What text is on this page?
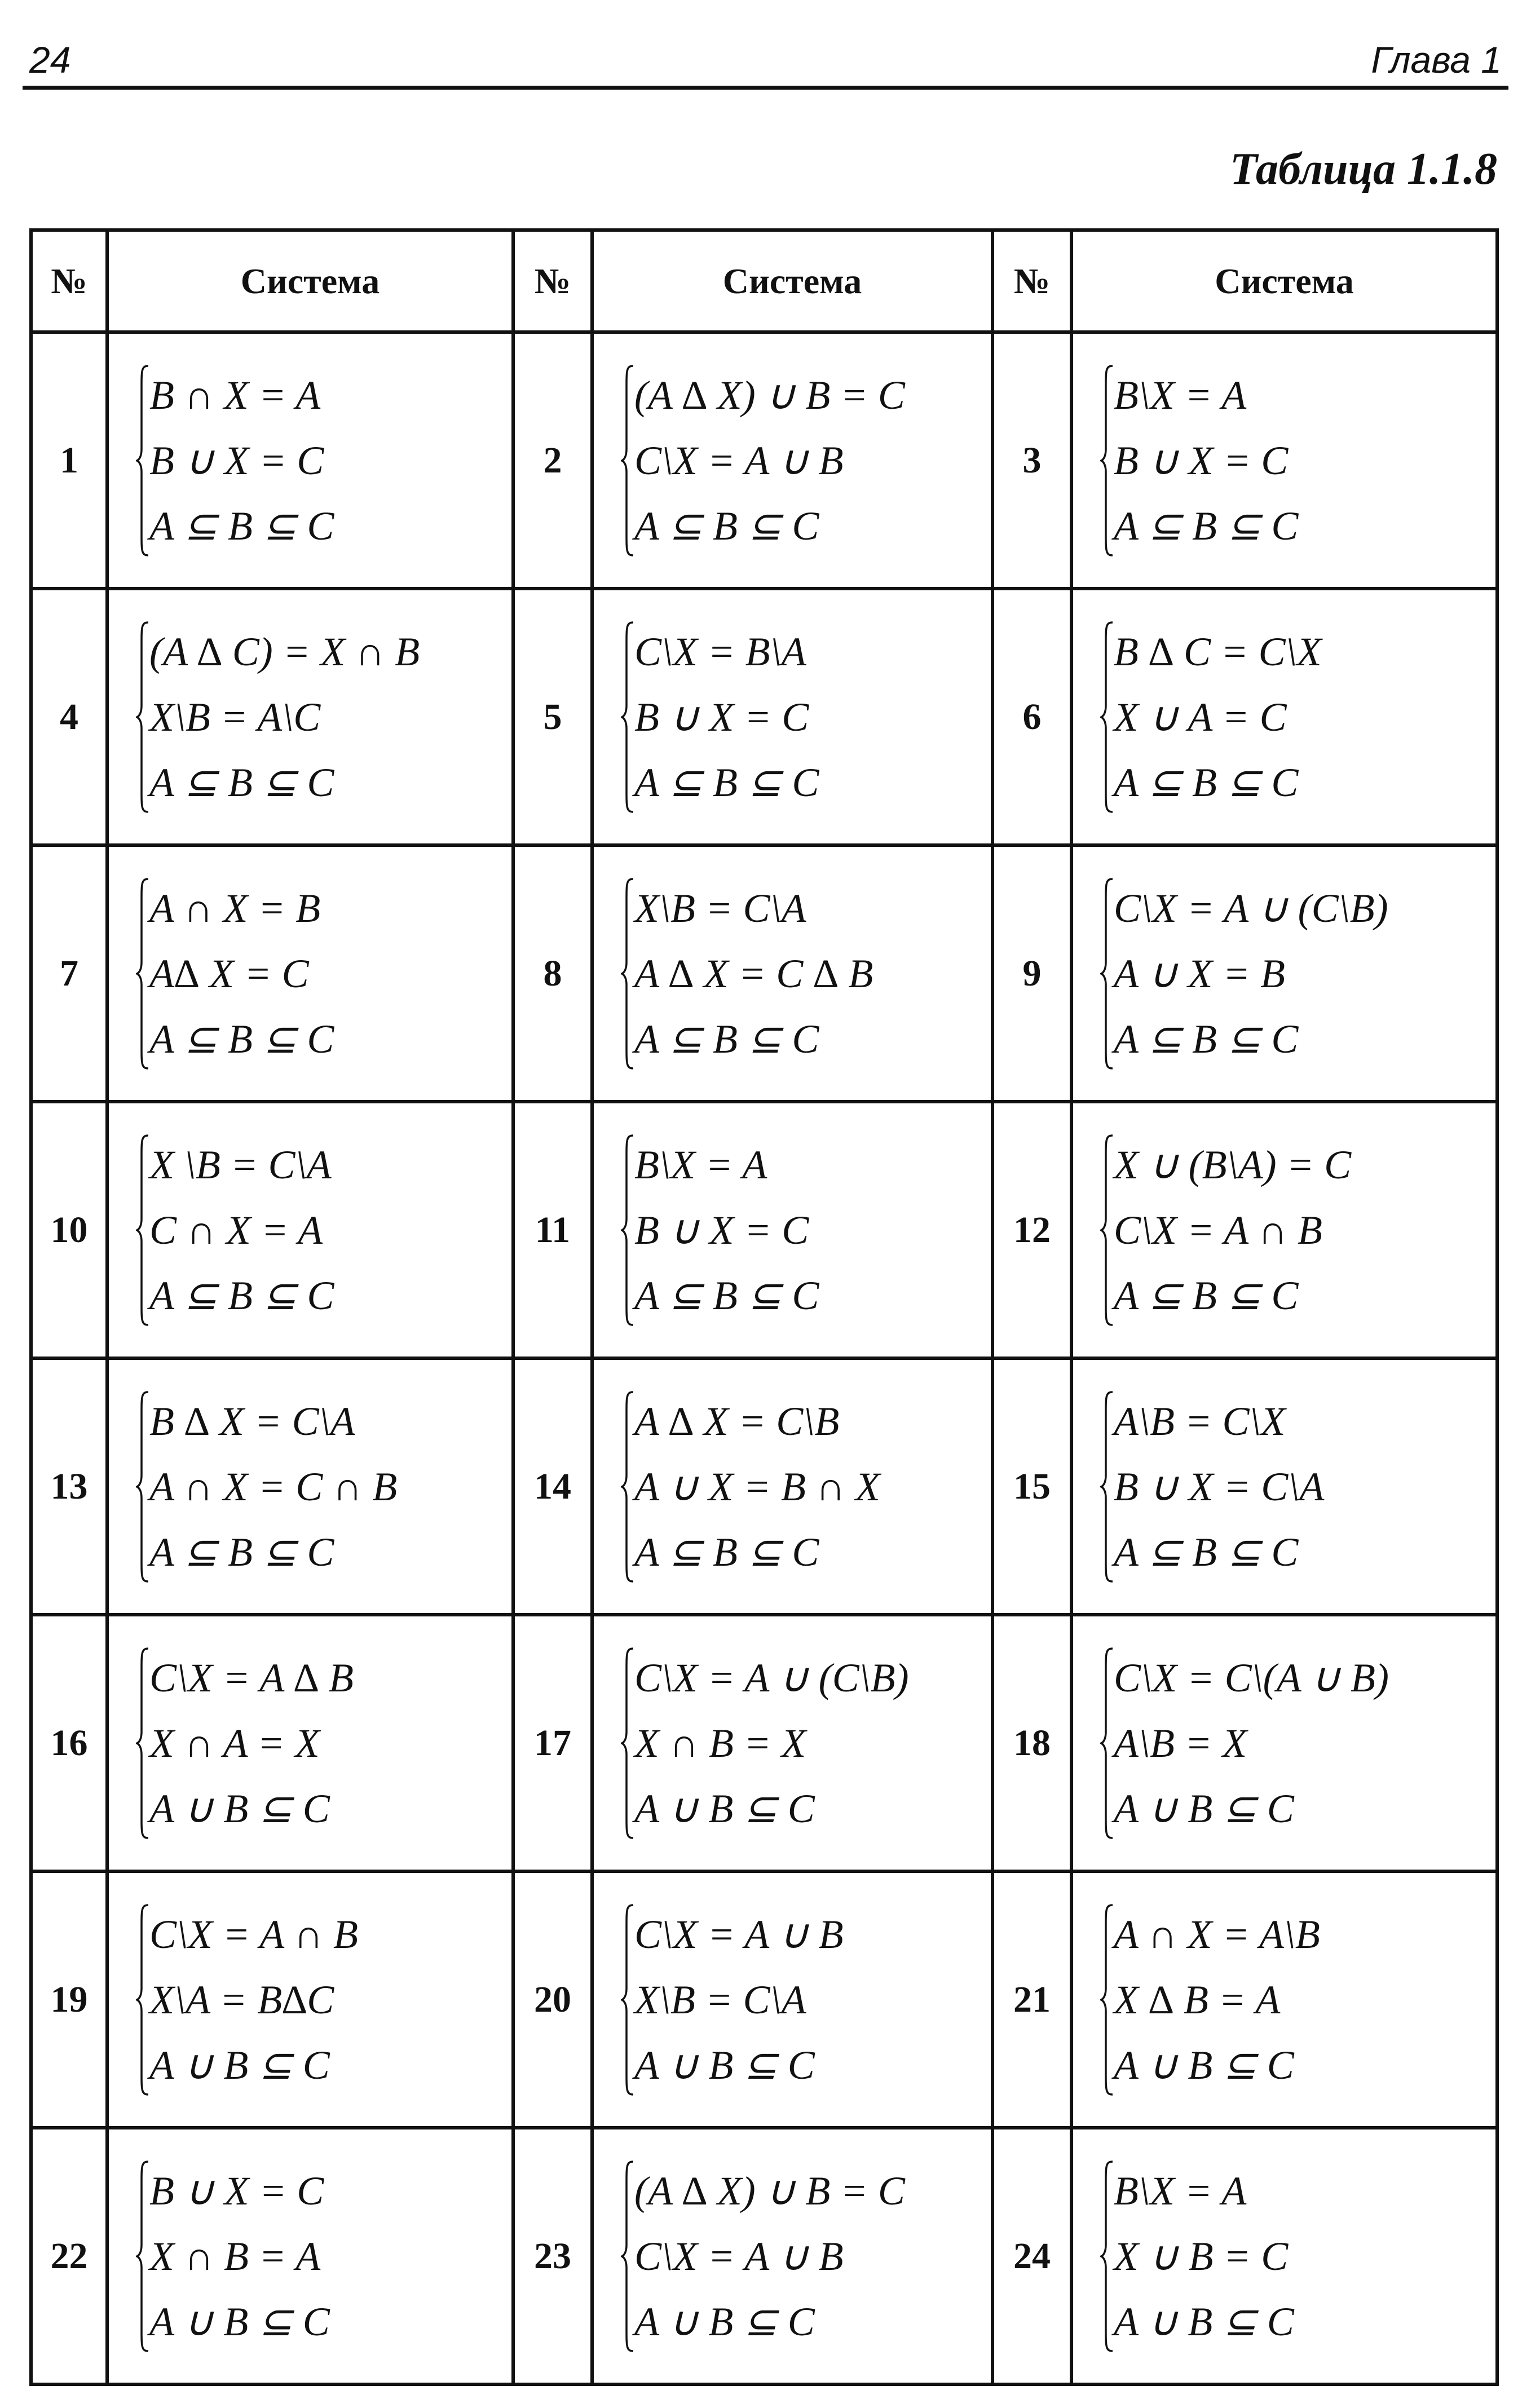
24	Глава 1
Таблица 1.1.8
№	Система	№	Система	№	Система
1	B ∩ X = A
B ∪ X = C
A ⊆ B ⊆ C	2	(A ∆ X) ∪ B = C
C\X = A ∪ B
A ⊆ B ⊆ C	3	B\X = A
B ∪ X = C
A ⊆ B ⊆ C

4	(A ∆ C) = X ∩ B
X\B = A\C
A ⊆ B ⊆ C	5	C\X = B\A
B ∪ X = C
A ⊆ B ⊆ C	6	B ∆ C = C\X
X ∪ A = C
A ⊆ B ⊆ C

7	A ∩ X = B
A∆ X = C
A ⊆ B ⊆ C	8	X\B = C\A
A ∆ X = C ∆ B
A ⊆ B ⊆ C	9	C\X = A ∪ (C\B)
A ∪ X = B
A ⊆ B ⊆ C

10	X \B = C\A
C ∩ X = A
A ⊆ B ⊆ C	11	B\X = A
B ∪ X = C
A ⊆ B ⊆ C	12	X ∪ (B\A) = C
C\X = A ∩ B
A ⊆ B ⊆ C

13	B ∆ X = C\A
A ∩ X = C ∩ B
A ⊆ B ⊆ C	14	A ∆ X = C\B
A ∪ X = B ∩ X
A ⊆ B ⊆ C	15	A\B = C\X
B ∪ X = C\A
A ⊆ B ⊆ C

16	C\X = A ∆ B
X ∩ A = X
A ∪ B ⊆ C	17	C\X = A ∪ (C\B)
X ∩ B = X
A ∪ B ⊆ C	18	C\X = C\(A ∪ B)
A\B = X
A ∪ B ⊆ C

19	C\X = A ∩ B
X\A = B∆C
A ∪ B ⊆ C	20	C\X = A ∪ B
X\B = C\A
A ∪ B ⊆ C	21	A ∩ X = A\B
X ∆ B = A
A ∪ B ⊆ C

22	B ∪ X = C
X ∩ B = A
A ∪ B ⊆ C	23	(A ∆ X) ∪ B = C
C\X = A ∪ B
A ∪ B ⊆ C	24	B\X = A
X ∪ B = C
A ∪ B ⊆ C
